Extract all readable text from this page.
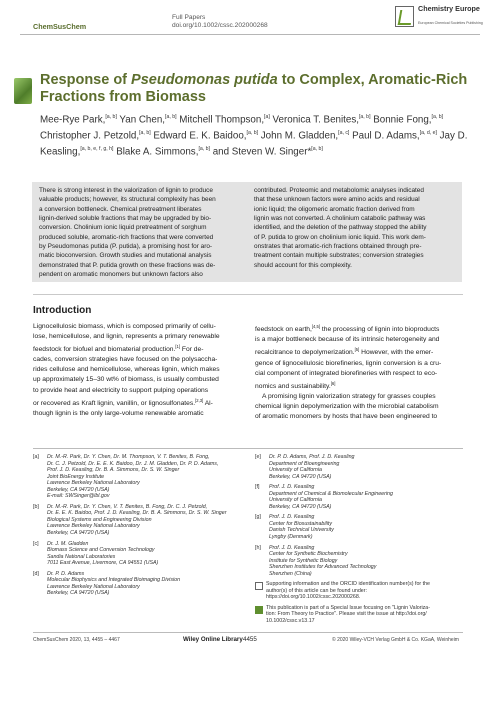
ChemSusChem
Full Papers
doi.org/10.1002/cssc.202000268
Chemistry Europe
European Chemical Societies Publishing
Response of Pseudomonas putida to Complex, Aromatic-Rich Fractions from Biomass
Mee-Rye Park,[a, b] Yan Chen,[a, b] Mitchell Thompson,[a] Veronica T. Benites,[a, b] Bonnie Fong,[a, b] Christopher J. Petzold,[a, b] Edward E. K. Baidoo,[a, b] John M. Gladden,[a, c] Paul D. Adams,[a, d, e] Jay D. Keasling,[a, b, e, f, g, h] Blake A. Simmons,[a, b] and Steven W. Singer*[a, b]
There is strong interest in the valorization of lignin to produce
valuable products; however, its structural complexity has been
a conversion bottleneck. Chemical pretreatment liberates
lignin-derived soluble fractions that may be upgraded by bio-
conversion. Cholinium ionic liquid pretreatment of sorghum
produced soluble, aromatic-rich fractions that were converted
by Pseudomonas putida (P. putida), a promising host for aro-
matic bioconversion. Growth studies and mutational analysis
demonstrated that P. putida growth on these fractions was de-
pendent on aromatic monomers but unknown factors also
contributed. Proteomic and metabolomic analyses indicated
that these unknown factors were amino acids and residual
ionic liquid; the oligomeric aromatic fraction derived from
lignin was not converted. A cholinium catabolic pathway was
identified, and the deletion of the pathway stopped the ability
of P. putida to grow on cholinium ionic liquid. This work dem-
onstrates that aromatic-rich fractions obtained through pre-
treatment contain multiple substrates; conversion strategies
should account for this complexity.
Introduction
Lignocellulosic biomass, which is composed primarily of cellu-
lose, hemicellulose, and lignin, represents a primary renewable
feedstock for biofuel and biomaterial production.[1] For de-
cades, conversion strategies have focused on the polysaccha-
rides cellulose and hemicellulose, whereas lignin, which makes
up approximately 15–30 wt% of biomass, is usually combusted
to provide heat and electricity to support pulping operations
or recovered as Kraft lignin, vanillin, or lignosulfonates.[2,3] Al-
though lignin is the only large-volume renewable aromatic
feedstock on earth,[4,5] the processing of lignin into bioproducts
is a major bottleneck because of its intrinsic heterogeneity and
recalcitrance to depolymerization.[5] However, with the emer-
gence of lignocellulosic biorefineries, lignin conversion is a cru-
cial component of integrated biorefineries with respect to eco-
nomics and sustainability.[6]
A promising lignin valorization strategy for grasses couples
chemical lignin depolymerization with the microbial catabolism
of aromatic monomers by hosts that have been engineered to
[a] Dr. M.-R. Park, Dr. Y. Chen, Dr. M. Thompson, V. T. Benites, B. Fong,
Dr. C. J. Petzold, Dr. E. E. K. Baidoo, Dr. J. M. Gladden, Dr. P. D. Adams,
Prof. J. D. Keasling, Dr. B. A. Simmons, Dr. S. W. Singer
Joint BioEnergy Institute
Lawrence Berkeley National Laboratory
Berkeley, CA 94720 (USA)
E-mail: SWSinger@lbl.gov
[b] Dr. M.-R. Park, Dr. Y. Chen, V. T. Benites, B. Fong, Dr. C. J. Petzold,
Dr. E. E. K. Baidoo, Prof. J. D. Keasling, Dr. B. A. Simmons, Dr. S. W. Singer
Biological Systems and Engineering Division
Lawrence Berkeley National Laboratory
Berkeley, CA 94720 (USA)
[c] Dr. J. M. Gladden
Biomass Science and Conversion Technology
Sandia National Laboratories
7011 East Avenue, Livermore, CA 94551 (USA)
[d] Dr. P. D. Adams
Molecular Biophysics and Integrated Bioimaging Division
Lawrence Berkeley National Laboratory
Berkeley, CA 94720 (USA)
[e] Dr. P. D. Adams, Prof. J. D. Keasling
Department of Bioengineering
University of California
Berkeley, CA 94720 (USA)
[f] Prof. J. D. Keasling
Department of Chemical & Biomolecular Engineering
University of California
Berkeley, CA 94720 (USA)
[g] Prof. J. D. Keasling
Center for Biosustainability
Danish Technical University
Lyngby (Denmark)
[h] Prof. J. D. Keasling
Center for Synthetic Biochemistry
Institute for Synthetic Biology
Shenzhen Institutes for Advanced Technology
Shenzhen (China)
Supporting information and the ORCID identification number(s) for the
author(s) of this article can be found under:
https://doi.org/10.1002/cssc.202000268.
This publication is part of a Special Issue focusing on "Lignin Valoriza-
tion: From Theory to Practice". Please visit the issue at http://doi.org/
10.1002/cssc.v13.17
ChemSusChem 2020, 13, 4455 – 4467	Wiley Online Library 4455	© 2020 Wiley-VCH Verlag GmbH & Co. KGaA, Weinheim
